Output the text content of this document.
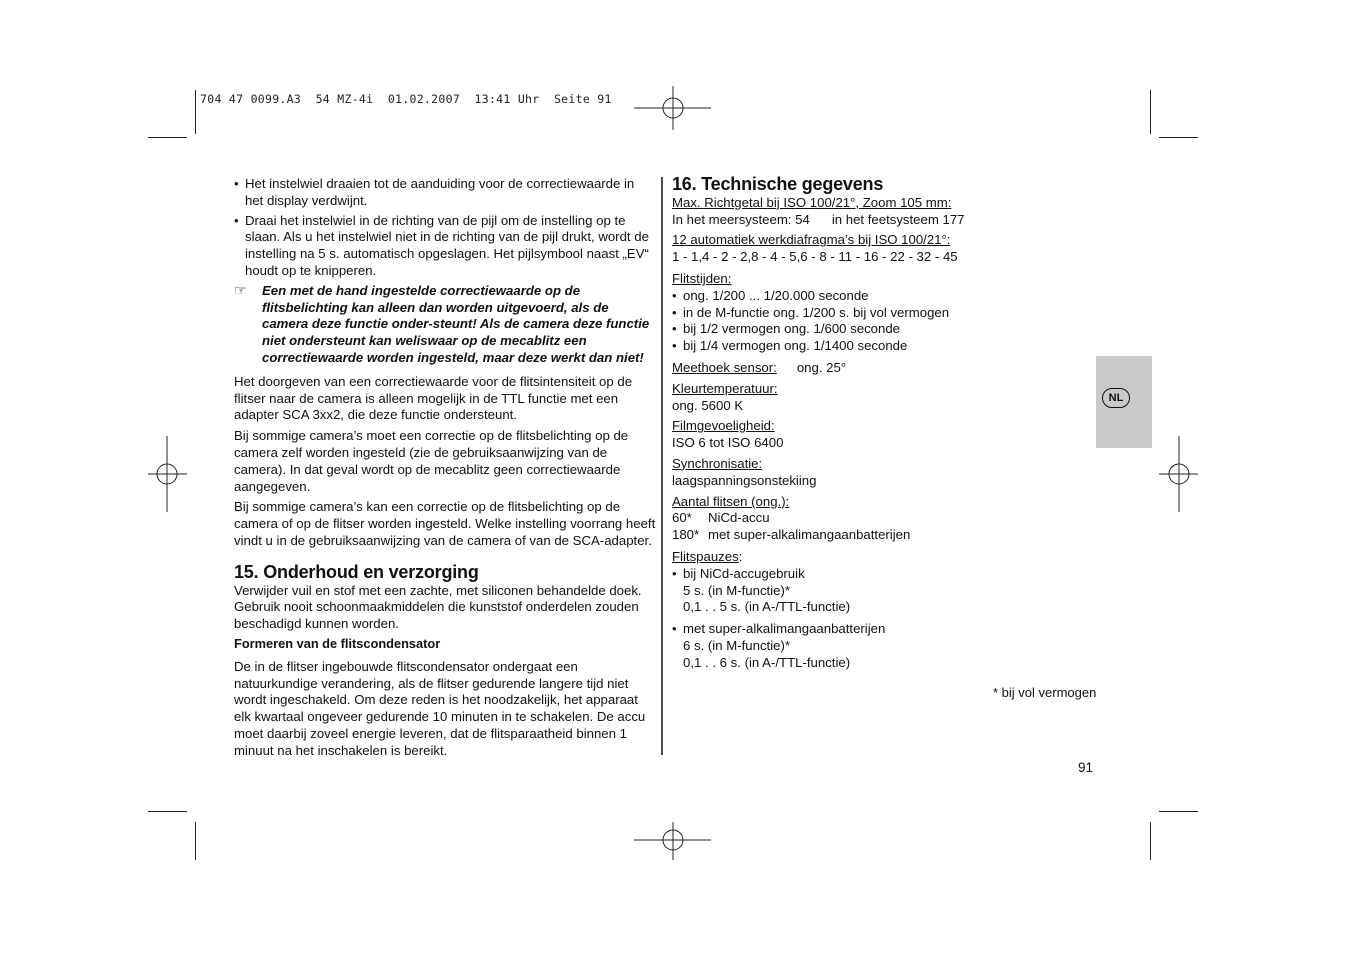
704 47 0099.A3  54 MZ-4i  01.02.2007  13:41 Uhr  Seite 91

• Het instelwiel draaien tot de aanduiding voor de correctiewaarde in het display verdwijnt.

• Draai het instelwiel in de richting van de pijl om de instelling op te slaan. Als u het instelwiel niet in de richting van de pijl drukt, wordt de instelling na 5 s. automatisch opgeslagen. Het pijlsymbool naast „EV“ houdt op te knipperen.

☞ Een met de hand ingestelde correctiewaarde op de flitsbelichting kan alleen dan worden uitgevoerd, als de camera deze functie onder-steunt! Als de camera deze functie niet ondersteunt kan weliswaar op de mecablitz een correctiewaarde worden ingesteld, maar deze werkt dan niet!

Het doorgeven van een correctiewaarde voor de flitsintensiteit op de flitser naar de camera is alleen mogelijk in de TTL functie met een adapter SCA 3xx2, die deze functie ondersteunt.

Bij sommige camera’s moet een correctie op de flitsbelichting op de camera zelf worden ingesteld (zie de gebruiksaanwijzing van de camera). In dat geval wordt op de mecablitz geen correctiewaarde aangegeven.

Bij sommige camera’s kan een correctie op de flitsbelichting op de camera of op de flitser worden ingesteld. Welke instelling voorrang heeft vindt u in de gebruiksaanwijzing van de camera of van de SCA-adapter.

15. Onderhoud en verzorging

Verwijder vuil en stof met een zachte, met siliconen behandelde doek. Gebruik nooit schoonmaakmiddelen die kunststof onderdelen zouden beschadigd kunnen worden.

Formeren van de flitscondensator

De in de flitser ingebouwde flitscondensator ondergaat een natuurkundige verandering, als de flitser gedurende langere tijd niet wordt ingeschakeld. Om deze reden is het noodzakelijk, het apparaat elk kwartaal ongeveer gedurende 10 minuten in te schakelen. De accu moet daarbij zoveel energie leveren, dat de flitsparaatheid binnen 1 minuut na het inschakelen is bereikt.

16. Technische gegevens

Max. Richtgetal bij ISO 100/21°, Zoom 105 mm:

In het meersysteem: 54 in het feetsysteem 177

12 automatiek werkdiafragma’s bij ISO 100/21°:

1 - 1,4 - 2 - 2,8 - 4 - 5,6 - 8 - 11 - 16 - 22 - 32 - 45

Flitstijden:

• ong. 1/200 ... 1/20.000 seconde

• in de M-functie ong. 1/200 s. bij vol vermogen

• bij 1/2 vermogen ong. 1/600 seconde

• bij 1/4 vermogen ong. 1/1400 seconde

Meethoek sensor: ong. 25°

Kleurtemperatuur:

ong. 5600 K

Filmgevoeligheid:

ISO 6 tot ISO 6400

Synchronisatie:

laagspanningsonstekiing

Aantal flitsen (ong.):

60* NiCd-accu

180* met super-alkalimangaanbatterijen

Flitspauzes:

• bij NiCd-accugebruik

5 s. (in M-functie)*

0,1 . . 5 s. (in A-/TTL-functie)

• met super-alkalimangaanbatterijen

6 s. (in M-functie)*

0,1 . . 6 s. (in A-/TTL-functie)

* bij vol vermogen
NL
91
